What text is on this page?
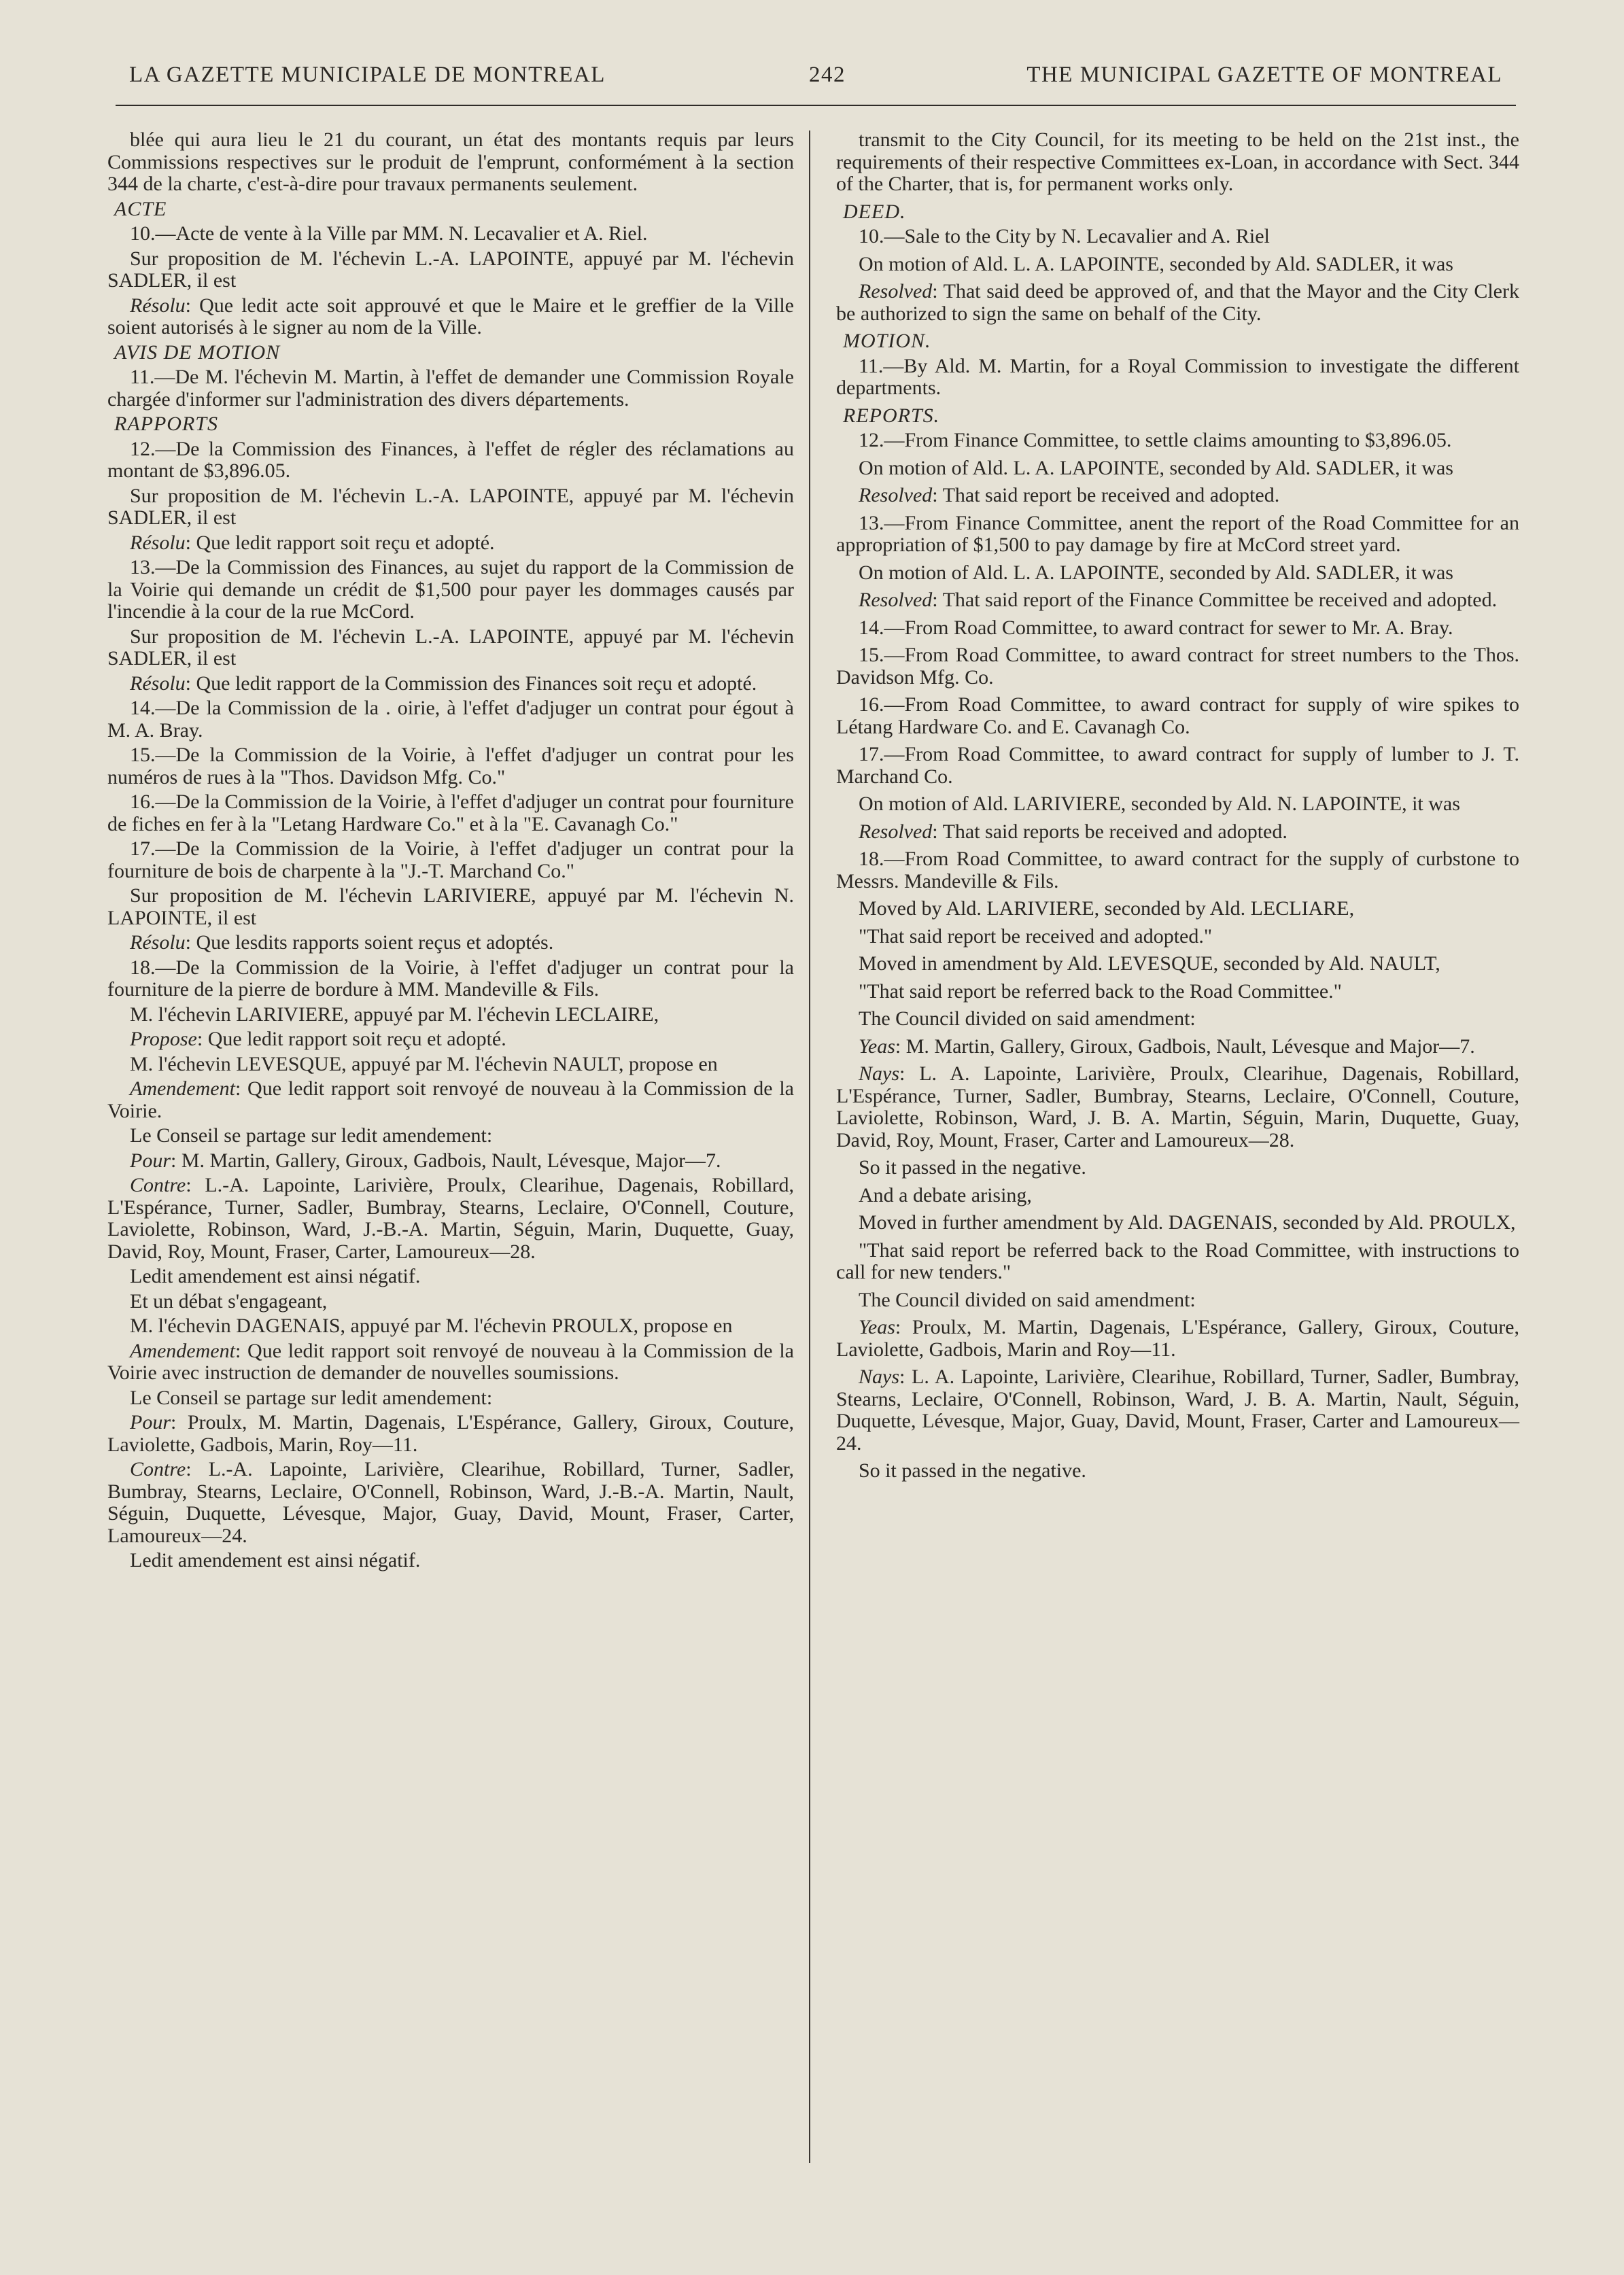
LA GAZETTE MUNICIPALE DE MONTREAL	242	THE MUNICIPAL GAZETTE OF MONTREAL
blée qui aura lieu le 21 du courant, un état des montants requis par leurs Commissions respectives sur le produit de l'emprunt, conformément à la section 344 de la charte, c'est-à-dire pour travaux permanents seulement.
ACTE
10.—Acte de vente à la Ville par MM. N. Lecavalier et A. Riel.
Sur proposition de M. l'échevin L.-A. LAPOINTE, appuyé par M. l'échevin SADLER, il est
Résolu: Que ledit acte soit approuvé et que le Maire et le greffier de la Ville soient autorisés à le signer au nom de la Ville.
AVIS DE MOTION
11.—De M. l'échevin M. Martin, à l'effet de demander une Commission Royale chargée d'informer sur l'administration des divers départements.
RAPPORTS
12.—De la Commission des Finances, à l'effet de régler des réclamations au montant de $3,896.05.
Sur proposition de M. l'échevin L.-A. LAPOINTE, appuyé par M. l'échevin SADLER, il est
Résolu: Que ledit rapport soit reçu et adopté.
13.—De la Commission des Finances, au sujet du rapport de la Commission de la Voirie qui demande un crédit de $1,500 pour payer les dommages causés par l'incendie à la cour de la rue McCord.
Sur proposition de M. l'échevin L.-A. LAPOINTE, appuyé par M. l'échevin SADLER, il est
Résolu: Que ledit rapport de la Commission des Finances soit reçu et adopté.
14.—De la Commission de la . oirie, à l'effet d'adjuger un contrat pour égout à M. A. Bray.
15.—De la Commission de la Voirie, à l'effet d'adjuger un contrat pour les numéros de rues à la "Thos. Davidson Mfg. Co."
16.—De la Commission de la Voirie, à l'effet d'adjuger un contrat pour fourniture de fiches en fer à la "Letang Hardware Co." et à la "E. Cavanagh Co."
17.—De la Commission de la Voirie, à l'effet d'adjuger un contrat pour la fourniture de bois de charpente à la "J.-T. Marchand Co."
Sur proposition de M. l'échevin LARIVIERE, appuyé par M. l'échevin N. LAPOINTE, il est
Résolu: Que lesdits rapports soient reçus et adoptés.
18.—De la Commission de la Voirie, à l'effet d'adjuger un contrat pour la fourniture de la pierre de bordure à MM. Mandeville & Fils.
M. l'échevin LARIVIERE, appuyé par M. l'échevin LECLAIRE,
Propose: Que ledit rapport soit reçu et adopté.
M. l'échevin LEVESQUE, appuyé par M. l'échevin NAULT, propose en
Amendement: Que ledit rapport soit renvoyé de nouveau à la Commission de la Voirie.
Le Conseil se partage sur ledit amendement:
Pour: M. Martin, Gallery, Giroux, Gadbois, Nault, Lévesque, Major—7.
Contre: L.-A. Lapointe, Larivière, Proulx, Clearihue, Dagenais, Robillard, L'Espérance, Turner, Sadler, Bumbray, Stearns, Leclaire, O'Connell, Couture, Laviolette, Robinson, Ward, J.-B.-A. Martin, Séguin, Marin, Duquette, Guay, David, Roy, Mount, Fraser, Carter, Lamoureux—28.
Ledit amendement est ainsi négatif.
Et un débat s'engageant,
M. l'échevin DAGENAIS, appuyé par M. l'échevin PROULX, propose en
Amendement: Que ledit rapport soit renvoyé de nouveau à la Commission de la Voirie avec instruction de demander de nouvelles soumissions.
Le Conseil se partage sur ledit amendement:
Pour: Proulx, M. Martin, Dagenais, L'Espérance, Gallery, Giroux, Couture, Laviolette, Gadbois, Marin, Roy—11.
Contre: L.-A. Lapointe, Larivière, Clearihue, Robillard, Turner, Sadler, Bumbray, Stearns, Leclaire, O'Connell, Robinson, Ward, J.-B.-A. Martin, Nault, Séguin, Duquette, Lévesque, Major, Guay, David, Mount, Fraser, Carter, Lamoureux—24.
Ledit amendement est ainsi négatif.
transmit to the City Council, for its meeting to be held on the 21st inst., the requirements of their respective Committees ex-Loan, in accordance with Sect. 344 of the Charter, that is, for permanent works only.
DEED.
10.—Sale to the City by N. Lecavalier and A. Riel
On motion of Ald. L. A. LAPOINTE, seconded by Ald. SADLER, it was
Resolved: That said deed be approved of, and that the Mayor and the City Clerk be authorized to sign the same on behalf of the City.
MOTION.
11.—By Ald. M. Martin, for a Royal Commission to investigate the different departments.
REPORTS.
12.—From Finance Committee, to settle claims amounting to $3,896.05.
On motion of Ald. L. A. LAPOINTE, seconded by Ald. SADLER, it was
Resolved: That said report be received and adopted.
13.—From Finance Committee, anent the report of the Road Committee for an appropriation of $1,500 to pay damage by fire at McCord street yard.
On motion of Ald. L. A. LAPOINTE, seconded by Ald. SADLER, it was
Resolved: That said report of the Finance Committee be received and adopted.
14.—From Road Committee, to award contract for sewer to Mr. A. Bray.
15.—From Road Committee, to award contract for street numbers to the Thos. Davidson Mfg. Co.
16.—From Road Committee, to award contract for supply of wire spikes to Létang Hardware Co. and E. Cavanagh Co.
17.—From Road Committee, to award contract for supply of lumber to J. T. Marchand Co.
On motion of Ald. LARIVIERE, seconded by Ald. N. LAPOINTE, it was
Resolved: That said reports be received and adopted.
18.—From Road Committee, to award contract for the supply of curbstone to Messrs. Mandeville & Fils.
Moved by Ald. LARIVIERE, seconded by Ald. LECLIARE,
"That said report be received and adopted."
Moved in amendment by Ald. LEVESQUE, seconded by Ald. NAULT,
"That said report be referred back to the Road Committee."
The Council divided on said amendment:
Yeas: M. Martin, Gallery, Giroux, Gadbois, Nault, Lévesque and Major—7.
Nays: L. A. Lapointe, Larivière, Proulx, Clearihue, Dagenais, Robillard, L'Espérance, Turner, Sadler, Bumbray, Stearns, Leclaire, O'Connell, Couture, Laviolette, Robinson, Ward, J. B. A. Martin, Séguin, Marin, Duquette, Guay, David, Roy, Mount, Fraser, Carter and Lamoureux—28.
So it passed in the negative.
And a debate arising,
Moved in further amendment by Ald. DAGENAIS, seconded by Ald. PROULX,
"That said report be referred back to the Road Committee, with instructions to call for new tenders."
The Council divided on said amendment:
Yeas: Proulx, M. Martin, Dagenais, L'Espérance, Gallery, Giroux, Couture, Laviolette, Gadbois, Marin and Roy—11.
Nays: L. A. Lapointe, Larivière, Clearihue, Robillard, Turner, Sadler, Bumbray, Stearns, Leclaire, O'Connell, Robinson, Ward, J. B. A. Martin, Nault, Séguin, Duquette, Lévesque, Major, Guay, David, Mount, Fraser, Carter and Lamoureux—24.
So it passed in the negative.
